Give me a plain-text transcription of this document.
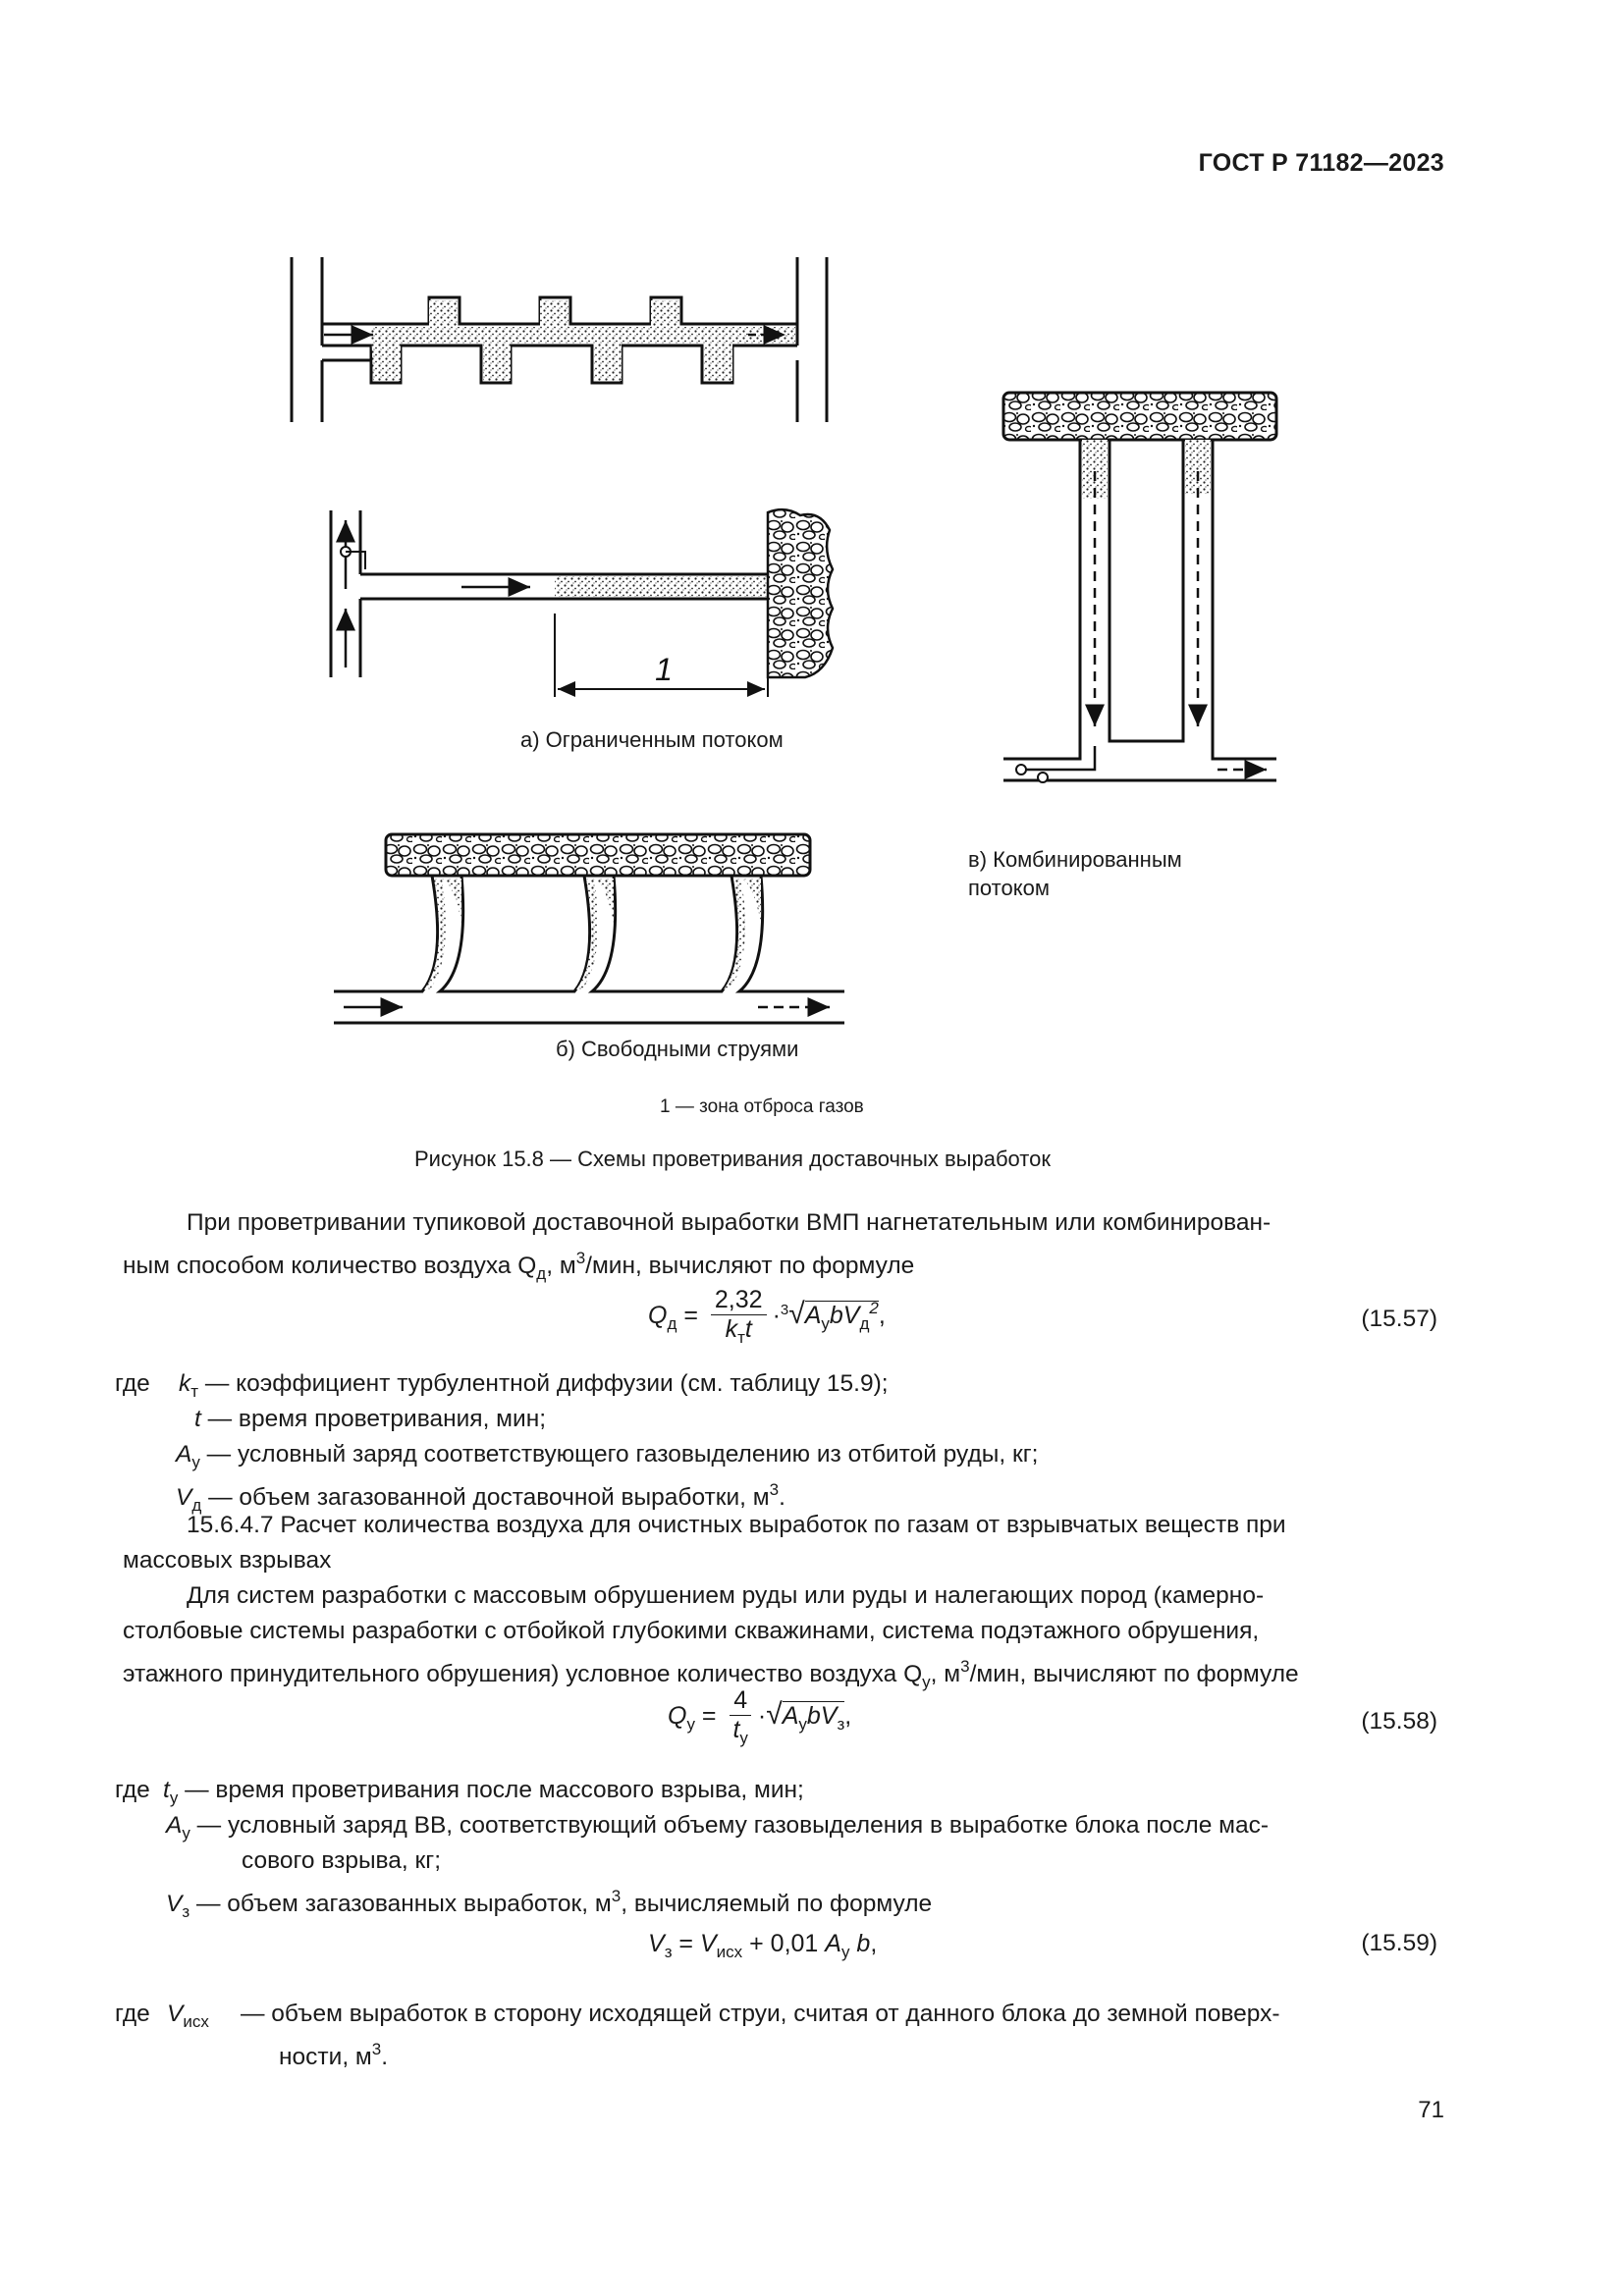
ГОСТ Р 71182—2023
1
а) Ограниченным потоком
б) Свободными струями
в) Комбинированным
потоком
1 — зона отброса газов
Рисунок 15.8 — Схемы проветривания доставочных выработок
При проветривании тупиковой доставочной выработки ВМП нагнетательным или комбинирован-
ным способом количество воздуха $Q_д$, $м^3$/мин, вычисляют по формуле
$Q_д = \frac{2,32}{k_тt} \cdot^3√A_уbV_д^2$,	(15.57)
где $k_т$ — коэффициент турбулентной диффузии (см. таблицу 15.9);
t — время проветривания, мин;
$A_у$ — условный заряд соответствующего газовыделению из отбитой руды, кг;
$V_д$ — объем загазованной доставочной выработки, $м^3$.
15.6.4.7 Расчет количества воздуха для очистных выработок по газам от взрывчатых веществ при
массовых взрывах
Для систем разработки с массовым обрушением руды или руды и налегающих пород (камерно-
столбовые системы разработки с отбойкой глубокими скважинами, система подэтажного обрушения,
этажного принудительного обрушения) условное количество воздуха $Q_у$, $м^3$/мин, вычисляют по формуле
$Q_у = \frac{4}{t_у} \cdot√A_уbV_з$,	(15.58)
где $t_у$ — время проветривания после массового взрыва, мин;
$A_у$ — условный заряд ВВ, соответствующий объему газовыделения в выработке блока после мас-
сового взрыва, кг;
$V_з$ — объем загазованных выработок, $м^3$, вычисляемый по формуле
$V_з = V_{исх} + 0,01$ $A_у$ b,	(15.59)
где $V_{исх}$ — объем выработок в сторону исходящей струи, считая от данного блока до земной поверх-
ности, $м^3$.
71
